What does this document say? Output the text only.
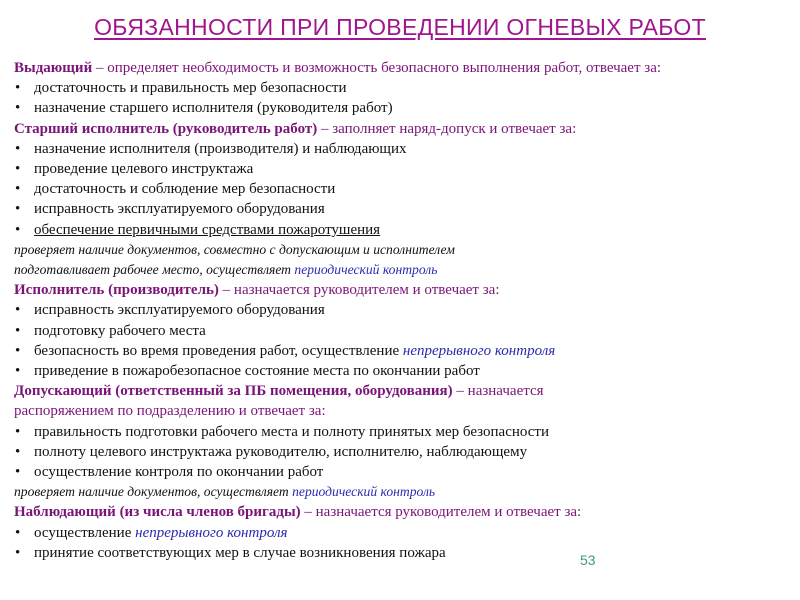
ОБЯЗАННОСТИ ПРИ ПРОВЕДЕНИИ ОГНЕВЫХ РАБОТ
Выдающий – определяет необходимость и возможность безопасного выполнения работ, отвечает за:
• достаточность и правильность мер безопасности
• назначение старшего исполнителя (руководителя работ)
Старший исполнитель (руководитель работ) – заполняет наряд-допуск и отвечает за:
• назначение исполнителя (производителя) и наблюдающих
• проведение целевого инструктажа
• достаточность и соблюдение мер безопасности
• исправность эксплуатируемого оборудования
• обеспечение первичными средствами пожаротушения
проверяет наличие документов, совместно с допускающим и исполнителем
подготавливает рабочее место, осуществляет периодический контроль
Исполнитель (производитель) – назначается руководителем и отвечает за:
• исправность эксплуатируемого оборудования
• подготовку рабочего места
• безопасность во время проведения работ, осуществление непрерывного контроля
• приведение в пожаробезопасное состояние места по окончании работ
Допускающий (ответственный за ПБ помещения, оборудования) – назначается
распоряжением по подразделению и отвечает за:
• правильность подготовки рабочего места и полноту принятых мер безопасности
• полноту целевого инструктажа руководителю, исполнителю, наблюдающему
• осуществление контроля по окончании работ
проверяет наличие документов, осуществляет периодический контроль
Наблюдающий (из числа членов бригады) – назначается руководителем и отвечает за:
• осуществление непрерывного контроля
• принятие соответствующих мер в случае возникновения пожара	53
